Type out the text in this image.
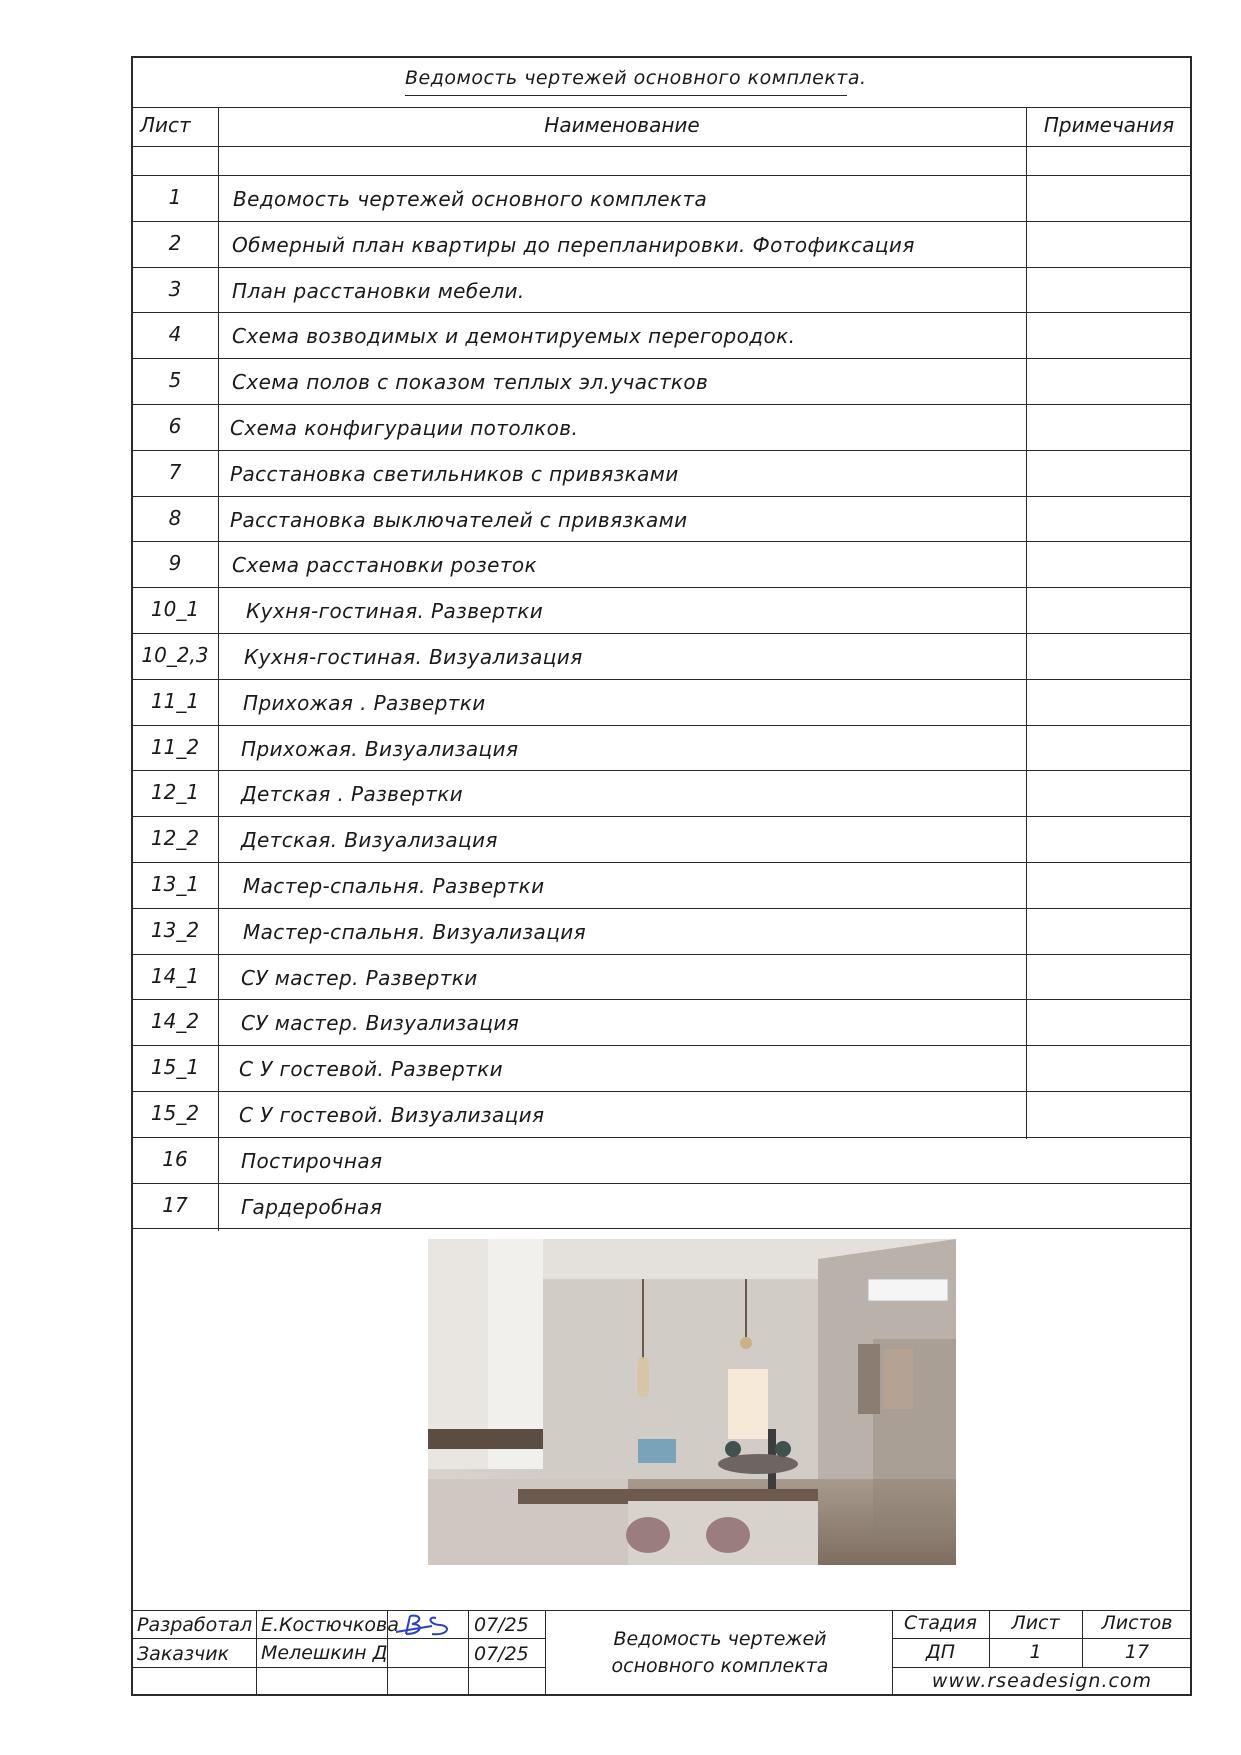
Ведомость чертежей основного комплекта.
Лист	Наименование	Примечания
1	Ведомость чертежей основного комплекта
2	Обмерный план квартиры до перепланировки. Фотофиксация
3	План расстановки мебели.
4	Схема возводимых и демонтируемых перегородок.
5	Схема полов с показом теплых эл.участков
6	Схема конфигурации потолков.
7	Расстановка светильников с привязками
8	Расстановка выключателей с привязками
9	Схема расстановки розеток
10_1	Кухня-гостиная. Развертки
10_2,3	Кухня-гостиная. Визуализация
11_1	Прихожая . Развертки
11_2	Прихожая. Визуализация
12_1	Детская . Развертки
12_2	Детская. Визуализация
13_1	Мастер-спальня. Развертки
13_2	Мастер-спальня. Визуализация
14_1	СУ мастер. Развертки
14_2	СУ мастер. Визуализация
15_1	С У гостевой. Развертки
15_2	С У гостевой. Визуализация
16	Постирочная
17	Гардеробная
Разработал Е.Костючкова	07/25
Заказчик Мелешкин Д	07/25
Ведомость чертежей
основного комплекта
Стадия	Лист	Листов
ДП	1	17
www.rseadesign.com
